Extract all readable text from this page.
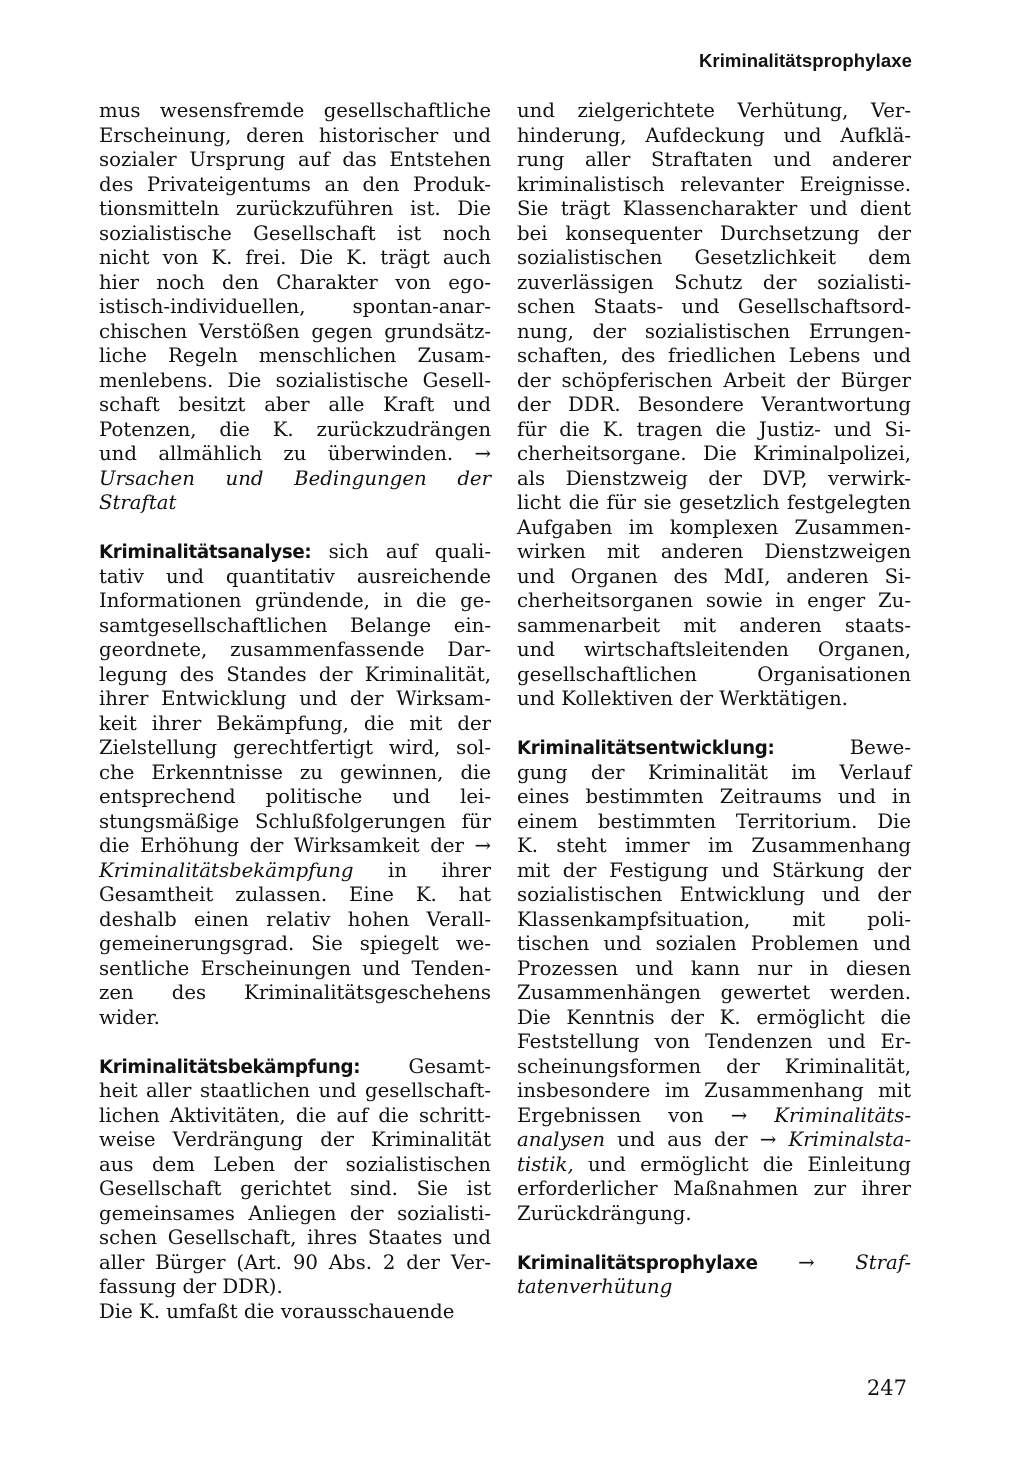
Kriminalitätsprophylaxe
mus wesensfremde gesellschaftliche
Erscheinung, deren historischer und
sozialer Ursprung auf das Entstehen
des Privateigentums an den Produk-
tionsmitteln zurückzuführen ist. Die
sozialistische Gesellschaft ist noch
nicht von K. frei. Die K. trägt auch
hier noch den Charakter von ego-
istisch-individuellen, spontan-anar-
chischen Verstößen gegen grundsätz-
liche Regeln menschlichen Zusam-
menlebens. Die sozialistische Gesell-
schaft besitzt aber alle Kraft und
Potenzen, die K. zurückzudrängen
und allmählich zu überwinden. →
Ursachen und Bedingungen der
Straftat
Kriminalitätsanalyse: sich auf quali-
tativ und quantitativ ausreichende
Informationen gründende, in die ge-
samtgesellschaftlichen Belange ein-
geordnete, zusammenfassende Dar-
legung des Standes der Kriminalität,
ihrer Entwicklung und der Wirksam-
keit ihrer Bekämpfung, die mit der
Zielstellung gerechtfertigt wird, sol-
che Erkenntnisse zu gewinnen, die
entsprechend politische und lei-
stungsmäßige Schlußfolgerungen für
die Erhöhung der Wirksamkeit der →
Kriminalitätsbekämpfung in ihrer
Gesamtheit zulassen. Eine K. hat
deshalb einen relativ hohen Verall-
gemeinerungsgrad. Sie spiegelt we-
sentliche Erscheinungen und Tenden-
zen des Kriminalitätsgeschehens
wider.
Kriminalitätsbekämpfung: Gesamt-
heit aller staatlichen und gesellschaft-
lichen Aktivitäten, die auf die schritt-
weise Verdrängung der Kriminalität
aus dem Leben der sozialistischen
Gesellschaft gerichtet sind. Sie ist
gemeinsames Anliegen der sozialisti-
schen Gesellschaft, ihres Staates und
aller Bürger (Art. 90 Abs. 2 der Ver-
fassung der DDR).
Die K. umfaßt die vorausschauende
und zielgerichtete Verhütung, Ver-
hinderung, Aufdeckung und Aufklä-
rung aller Straftaten und anderer
kriminalistisch relevanter Ereignisse.
Sie trägt Klassencharakter und dient
bei konsequenter Durchsetzung der
sozialistischen Gesetzlichkeit dem
zuverlässigen Schutz der sozialisti-
schen Staats- und Gesellschaftsord-
nung, der sozialistischen Errungen-
schaften, des friedlichen Lebens und
der schöpferischen Arbeit der Bürger
der DDR. Besondere Verantwortung
für die K. tragen die Justiz- und Si-
cherheitsorgane. Die Kriminalpolizei,
als Dienstzweig der DVP, verwirk-
licht die für sie gesetzlich festgelegten
Aufgaben im komplexen Zusammen-
wirken mit anderen Dienstzweigen
und Organen des MdI, anderen Si-
cherheitsorganen sowie in enger Zu-
sammenarbeit mit anderen staats-
und wirtschaftsleitenden Organen,
gesellschaftlichen Organisationen
und Kollektiven der Werktätigen.
Kriminalitätsentwicklung: Bewe-
gung der Kriminalität im Verlauf
eines bestimmten Zeitraums und in
einem bestimmten Territorium. Die
K. steht immer im Zusammenhang
mit der Festigung und Stärkung der
sozialistischen Entwicklung und der
Klassenkampfsituation, mit poli-
tischen und sozialen Problemen und
Prozessen und kann nur in diesen
Zusammenhängen gewertet werden.
Die Kenntnis der K. ermöglicht die
Feststellung von Tendenzen und Er-
scheinungsformen der Kriminalität,
insbesondere im Zusammenhang mit
Ergebnissen von → Kriminalitäts-
analysen und aus der → Kriminalsta-
tistik, und ermöglicht die Einleitung
erforderlicher Maßnahmen zur ihrer
Zurückdrängung.
Kriminalitätsprophylaxe → Straf-
tatenverhütung
247
